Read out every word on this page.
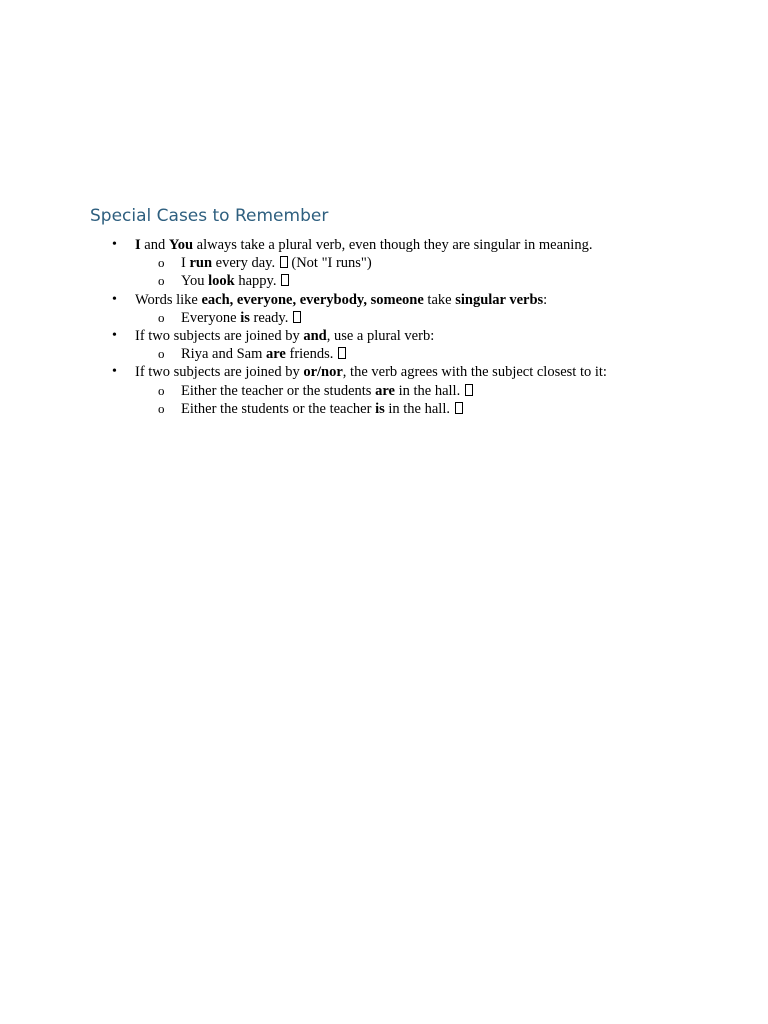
Special Cases to Remember
• I and You always take a plural verb, even though they are singular in meaning.
o I run every day.  (Not "I runs")
o You look happy.
• Words like each, everyone, everybody, someone take singular verbs:
o Everyone is ready.
• If two subjects are joined by and, use a plural verb:
o Riya and Sam are friends.
• If two subjects are joined by or/nor, the verb agrees with the subject closest to it:
o Either the teacher or the students are in the hall.
o Either the students or the teacher is in the hall.
